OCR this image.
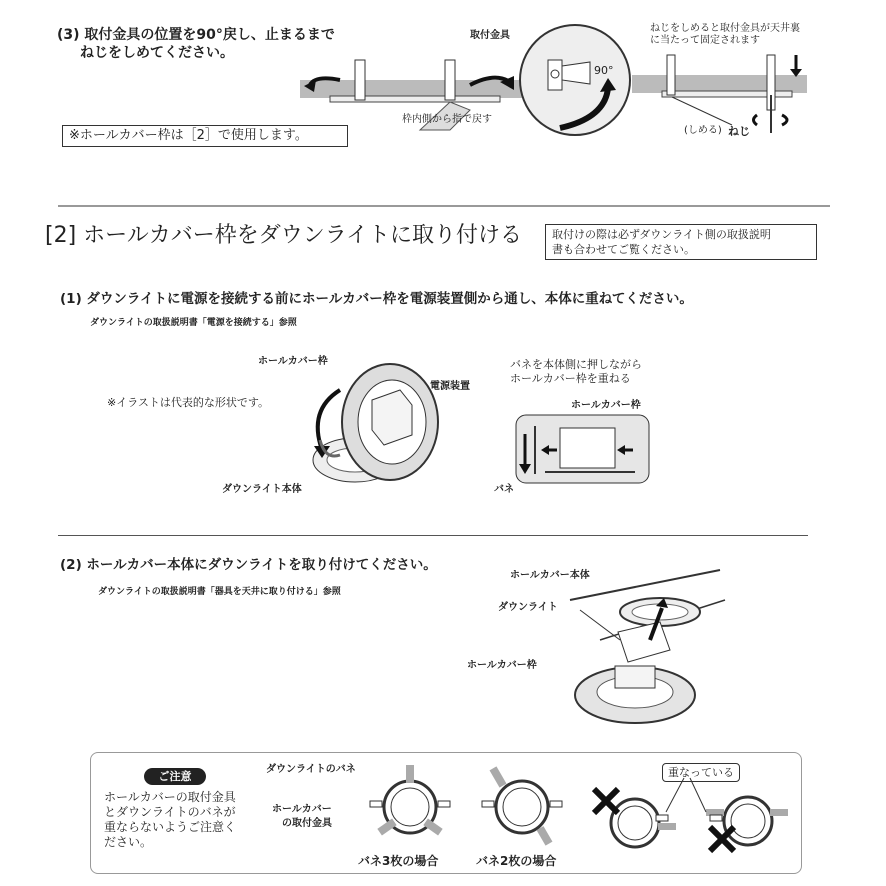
(3) 取付金具の位置を90°戻し、止まるまで
ねじをしめてください。
※ホールカバー枠は［2］で使用します。
取付金具
枠内側から指で戻す
90°
ねじをしめると取付金具が天井裏
に当たって固定されます
(しめる) ねじ
[2] ホールカバー枠をダウンライトに取り付ける	取付けの際は必ずダウンライト側の取扱説明
書も合わせてご覧ください。
(1) ダウンライトに電源を接続する前にホールカバー枠を電源装置側から通し、本体に重ねてください。
ダウンライトの取扱説明書「電源を接続する」参照
※イラストは代表的な形状です。
ホールカバー枠
電源装置
ダウンライト本体
バネを本体側に押しながら
ホールカバー枠を重ねる
ホールカバー枠
バネ
(2) ホールカバー本体にダウンライトを取り付けてください。
ダウンライトの取扱説明書「器具を天井に取り付ける」参照
ホールカバー本体
ダウンライト
ホールカバー枠
ご注意
ホールカバーの取付金具
とダウンライトのバネが
重ならないようご注意く
ださい。
ダウンライトのバネ
ホールカバー
の取付金具
バネ3枚の場合	バネ2枚の場合
重なっている
